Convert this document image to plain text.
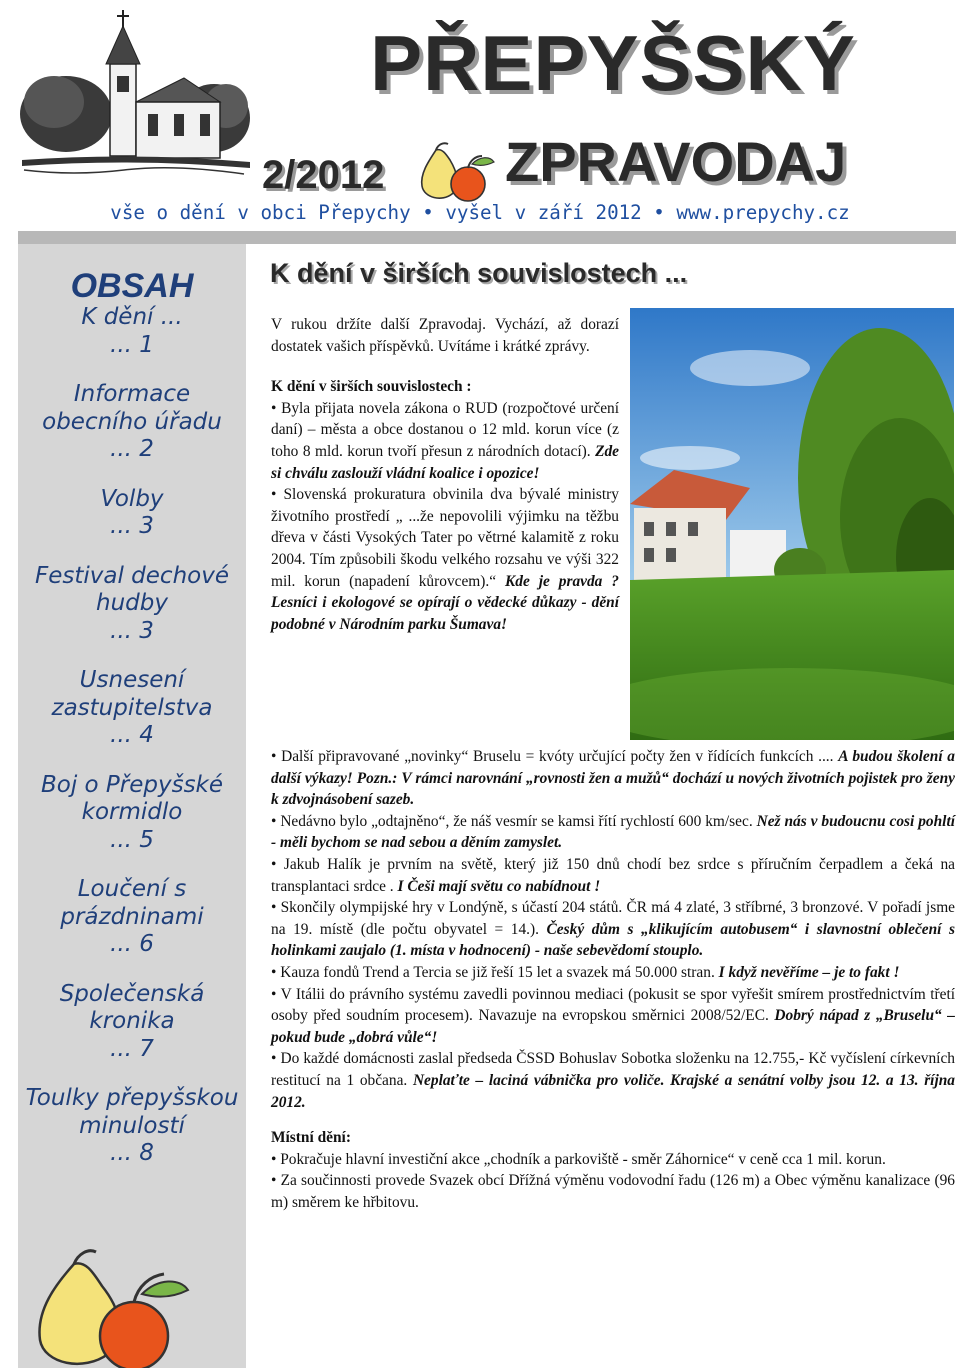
PŘEPYŠSKÝ
2/2012 ZPRAVODAJ
vše o dění v obci Přepychy • vyšel v září 2012 • www.prepychy.cz
OBSAH
K dění ...
... 1
Informace obecního úřadu
... 2
Volby
... 3
Festival dechové hudby
... 3
Usnesení zastupitelstva
... 4
Boj o Přepyšské kormidlo
... 5
Loučení s prázdninami
... 6
Společenská kronika
... 7
Toulky přepyšskou minulostí
... 8
K dění v širších souvislostech ...

V rukou držíte další Zpravodaj. Vychází, až dorazí dostatek vašich příspěvků. Uvítáme i krátké zprávy.

K dění v širších souvislostech :

• Byla přijata novela zákona o RUD (rozpočtové určení daní) – města a obce dostanou o 12 mld. korun více (z toho 8 mld. korun tvoří přesun z národních dotací). Zde si chválu zaslouží vládní koalice i opozice!

• Slovenská prokuratura obvinila dva bývalé ministry životního prostředí „ ...že nepovolili výjimku na těžbu dřeva v části Vysokých Tater po větrné kalamitě z roku 2004. Tím způsobili škodu velkého rozsahu ve výši 322 mil. korun (napadení kůrovcem).“ Kde je pravda ? Lesníci i ekologové se opírají o vědecké důkazy - dění podobné v Národním parku Šumava!

• Další připravované „novinky“ Bruselu = kvóty určující počty žen v řídících funkcích .... A budou školení a další výkazy! Pozn.: V rámci narovnání „rovnosti žen a mužů“ dochází u nových životních pojistek pro ženy k zdvojnásobení sazeb.

• Nedávno bylo „odtajněno“, že náš vesmír se kamsi řítí rychlostí 600 km/sec. Než nás v budoucnu cosi pohltí - měli bychom se nad sebou a děním zamyslet.

• Jakub Halík je prvním na světě, který již 150 dnů chodí bez srdce s příručním čerpadlem a čeká na transplantaci srdce . I Češi mají světu co nabídnout !

• Skončily olympijské hry v Londýně, s účastí 204 států. ČR má 4 zlaté, 3 stříbrné, 3 bronzové. V pořadí jsme na 19. místě (dle počtu obyvatel = 14.). Český dům s „klikujícím autobusem“ i slavnostní oblečení s holinkami zaujalo (1. místa v hodnocení) - naše sebevědomí stouplo.

• Kauza fondů Trend a Tercia se již řeší 15 let a svazek má 50.000 stran. I když nevěříme – je to fakt !

• V Itálii do právního systému zavedli povinnou mediaci (pokusit se spor vyřešit smírem prostřednictvím třetí osoby před soudním procesem). Navazuje na evropskou směrnici 2008/52/EC. Dobrý nápad z „Bruselu“ – pokud bude „dobrá vůle“!

• Do každé domácnosti zaslal předseda ČSSD Bohuslav Sobotka složenku na 12.755,- Kč vyčíslení církevních restitucí na 1 občana. Neplaťte – laciná vábnička pro voliče. Krajské a senátní volby jsou 12. a 13. října 2012.

Místní dění:

• Pokračuje hlavní investiční akce „chodník a parkoviště - směr Záhornice“ v ceně cca 1 mil. korun.

• Za součinnosti provede Svazek obcí Dřížná výměnu vodovodní řadu (126 m) a Obec výměnu kanalizace (96 m) směrem ke hřbitovu.
